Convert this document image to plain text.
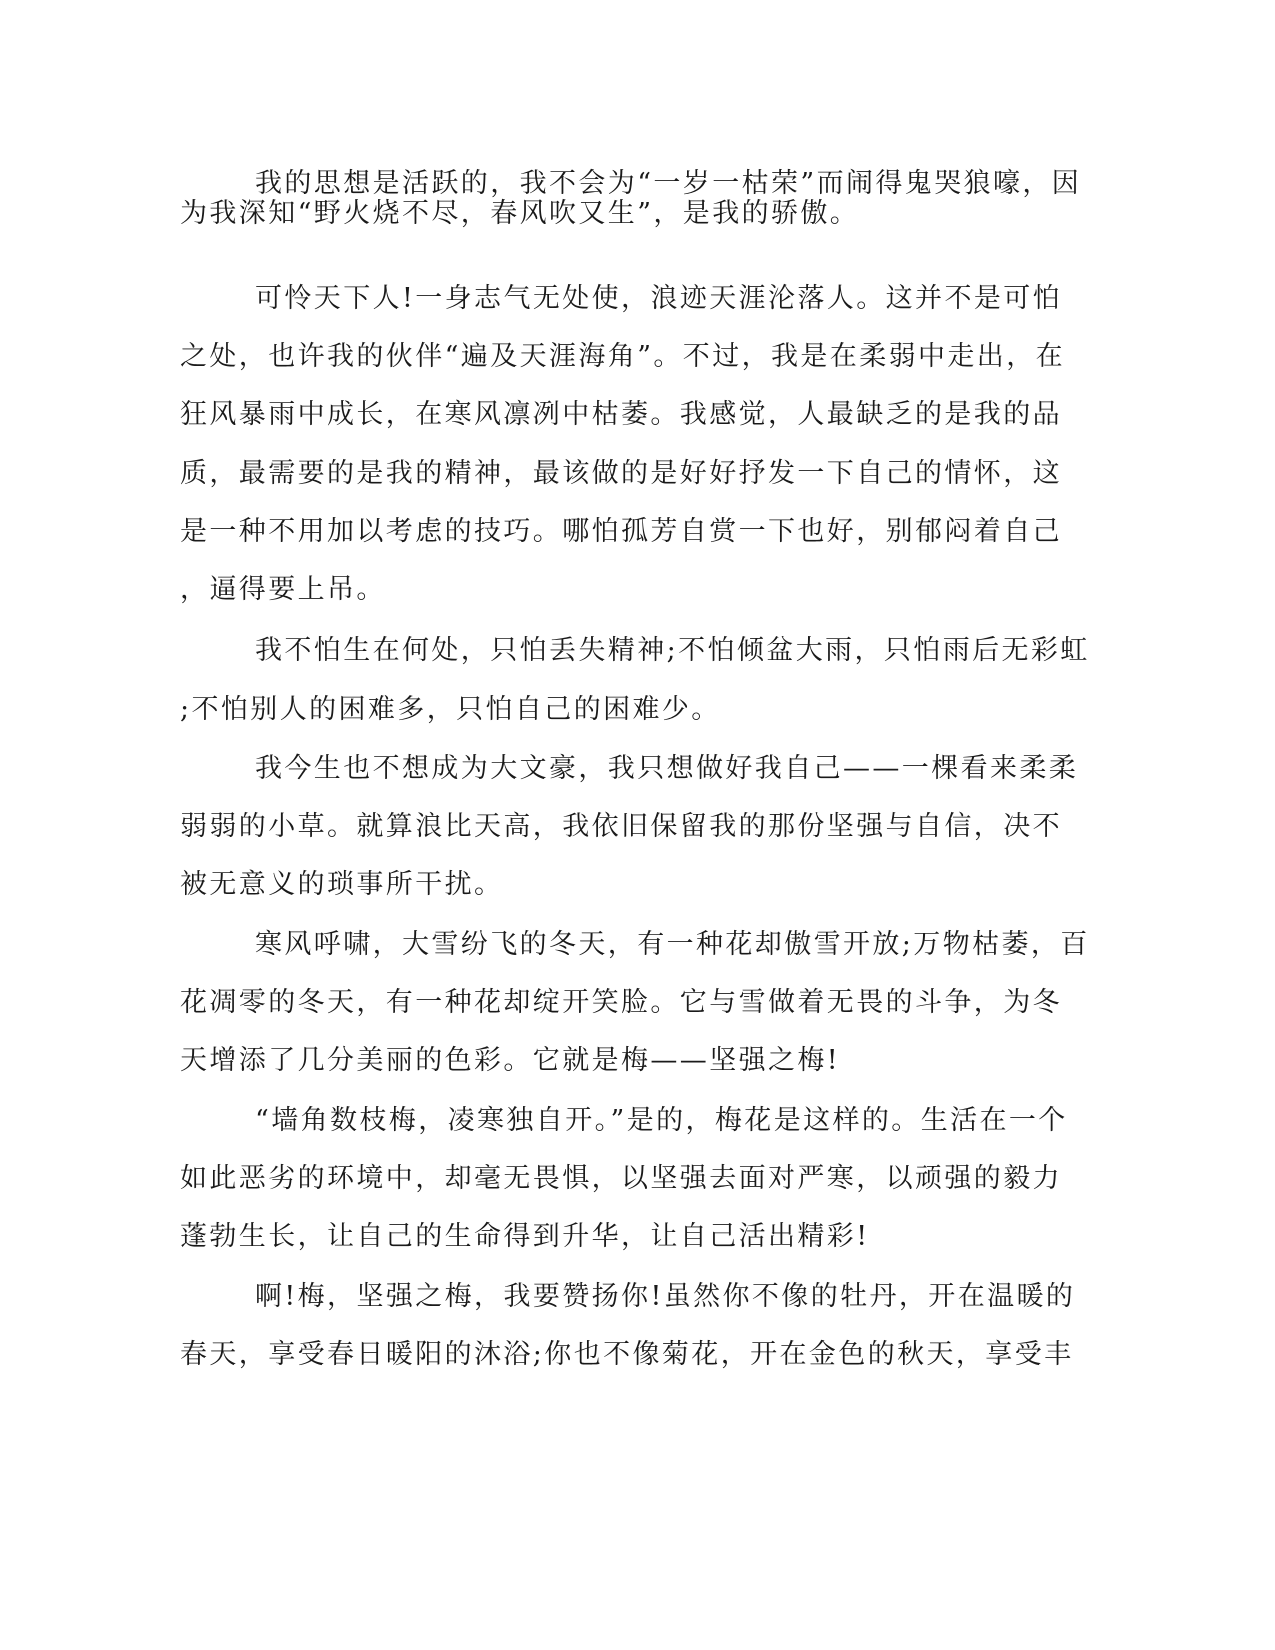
我的思想是活跃的，我不会为“一岁一枯荣”而闹得鬼哭狼嚎，因
为我深知“野火烧不尽，春风吹又生”，是我的骄傲。
可怜天下人!一身志气无处使，浪迹天涯沦落人。这并不是可怕
之处，也许我的伙伴“遍及天涯海角”。不过，我是在柔弱中走出，在
狂风暴雨中成长，在寒风凛冽中枯萎。我感觉，人最缺乏的是我的品
质，最需要的是我的精神，最该做的是好好抒发一下自己的情怀，这
是一种不用加以考虑的技巧。哪怕孤芳自赏一下也好，别郁闷着自己
，逼得要上吊。
我不怕生在何处，只怕丢失精神;不怕倾盆大雨，只怕雨后无彩虹
;不怕别人的困难多，只怕自己的困难少。
我今生也不想成为大文豪，我只想做好我自己——一棵看来柔柔
弱弱的小草。就算浪比天高，我依旧保留我的那份坚强与自信，决不
被无意义的琐事所干扰。
寒风呼啸，大雪纷飞的冬天，有一种花却傲雪开放;万物枯萎，百
花凋零的冬天，有一种花却绽开笑脸。它与雪做着无畏的斗争，为冬
天增添了几分美丽的色彩。它就是梅——坚强之梅!
“墙角数枝梅，凌寒独自开。”是的，梅花是这样的。生活在一个
如此恶劣的环境中，却毫无畏惧，以坚强去面对严寒，以顽强的毅力
蓬勃生长，让自己的生命得到升华，让自己活出精彩!
啊!梅，坚强之梅，我要赞扬你!虽然你不像的牡丹，开在温暖的
春天，享受春日暖阳的沐浴;你也不像菊花，开在金色的秋天，享受丰
